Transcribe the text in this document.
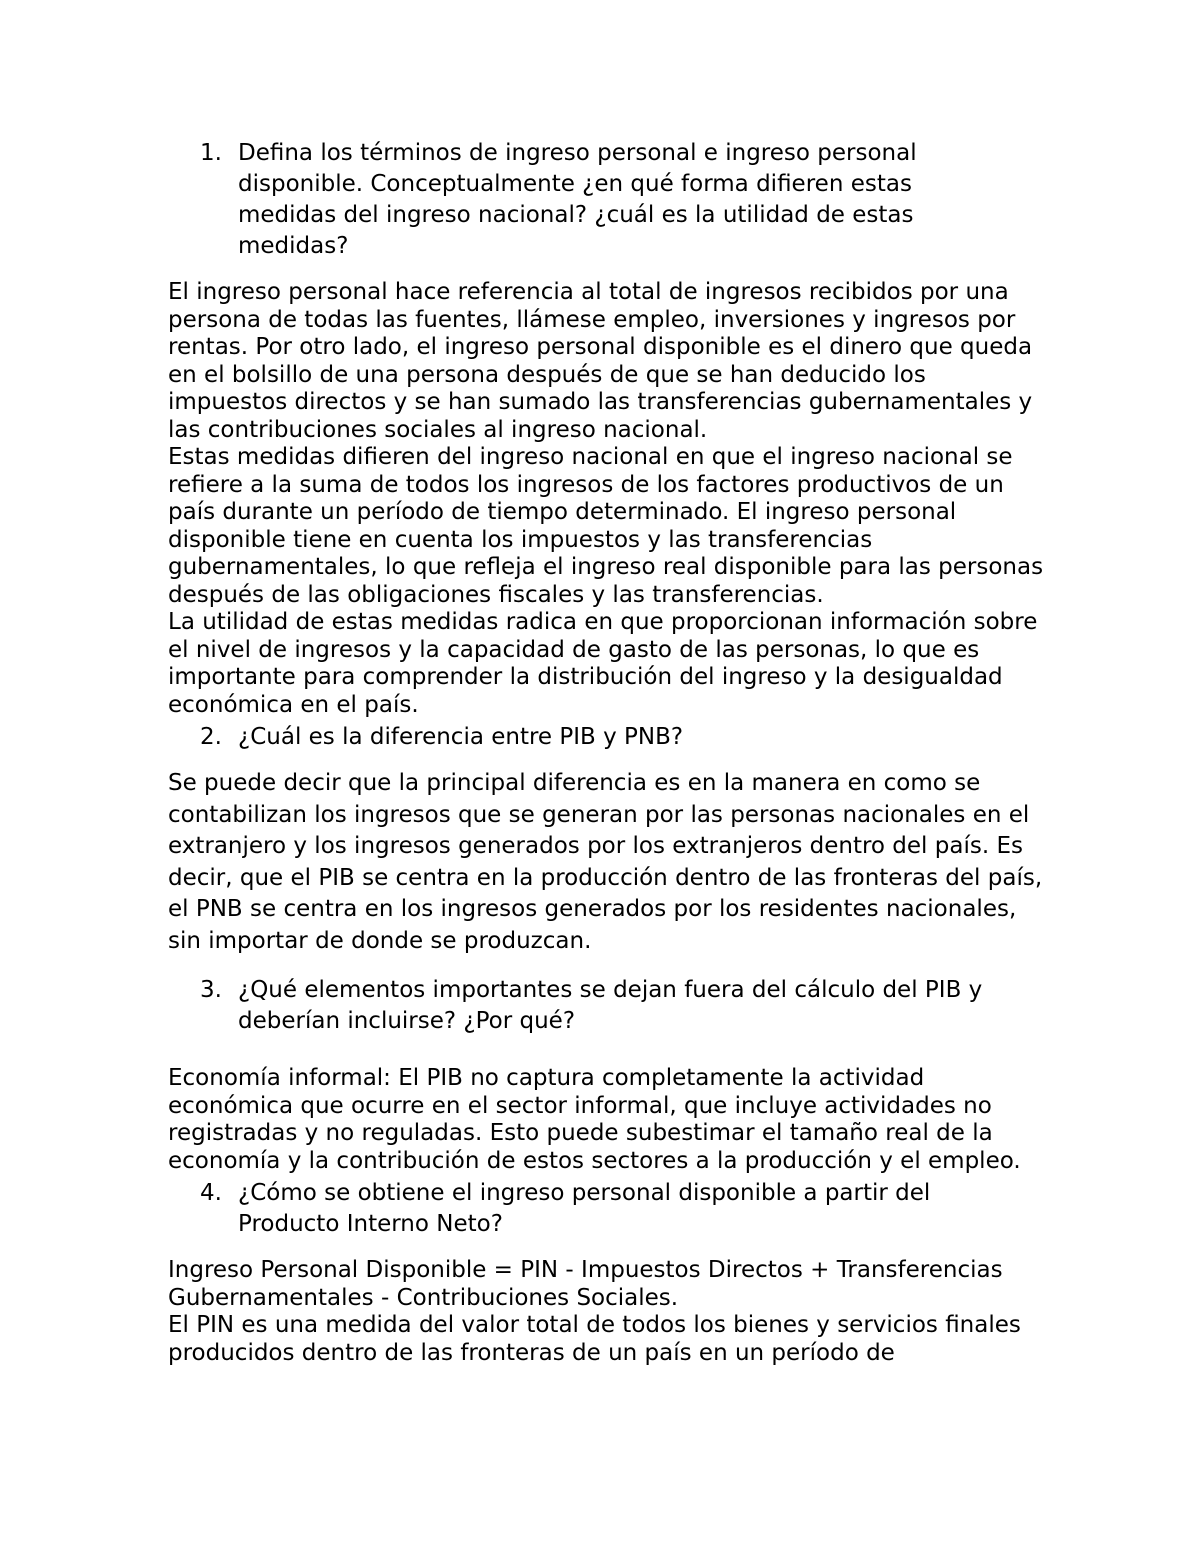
1. Defina los términos de ingreso personal e ingreso personal disponible. Conceptualmente ¿en qué forma difieren estas medidas del ingreso nacional? ¿cuál es la utilidad de estas medidas?
El ingreso personal hace referencia al total de ingresos recibidos por una persona de todas las fuentes, llámese empleo, inversiones y ingresos por rentas. Por otro lado, el ingreso personal disponible es el dinero que queda en el bolsillo de una persona después de que se han deducido los impuestos directos y se han sumado las transferencias gubernamentales y las contribuciones sociales al ingreso nacional.
Estas medidas difieren del ingreso nacional en que el ingreso nacional se refiere a la suma de todos los ingresos de los factores productivos de un país durante un período de tiempo determinado. El ingreso personal disponible tiene en cuenta los impuestos y las transferencias gubernamentales, lo que refleja el ingreso real disponible para las personas después de las obligaciones fiscales y las transferencias.
La utilidad de estas medidas radica en que proporcionan información sobre el nivel de ingresos y la capacidad de gasto de las personas, lo que es importante para comprender la distribución del ingreso y la desigualdad económica en el país.
2. ¿Cuál es la diferencia entre PIB y PNB?
Se puede decir que la principal diferencia es en la manera en como se contabilizan los ingresos que se generan por las personas nacionales en el extranjero y los ingresos generados por los extranjeros dentro del país. Es decir, que el PIB se centra en la producción dentro de las fronteras del país, el PNB se centra en los ingresos generados por los residentes nacionales, sin importar de donde se produzcan.
3. ¿Qué elementos importantes se dejan fuera del cálculo del PIB y deberían incluirse? ¿Por qué?
Economía informal: El PIB no captura completamente la actividad económica que ocurre en el sector informal, que incluye actividades no registradas y no reguladas. Esto puede subestimar el tamaño real de la economía y la contribución de estos sectores a la producción y el empleo.
4. ¿Cómo se obtiene el ingreso personal disponible a partir del Producto Interno Neto?
Ingreso Personal Disponible = PIN - Impuestos Directos + Transferencias Gubernamentales - Contribuciones Sociales.
El PIN es una medida del valor total de todos los bienes y servicios finales producidos dentro de las fronteras de un país en un período de
